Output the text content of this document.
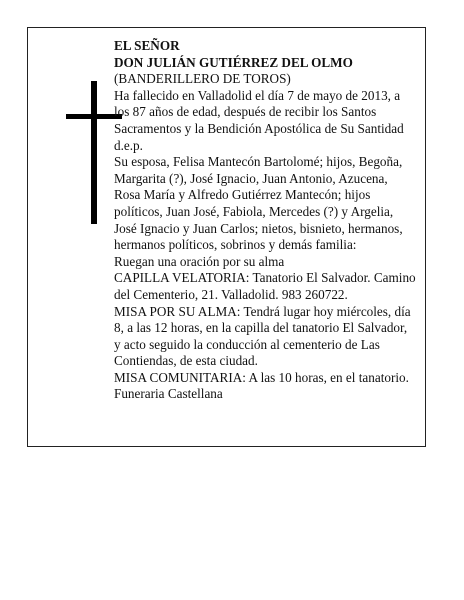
EL SEÑOR

DON JULIÁN GUTIÉRREZ DEL OLMO

(BANDERILLERO DE TOROS)

Ha fallecido en Valladolid el día 7 de mayo de 2013, a los 87 años de edad, después de recibir los Santos Sacramentos y la Bendición Apostólica de Su Santidad

d.e.p.

Su esposa, Felisa Mantecón Bartolomé; hijos, Begoña, Margarita (?), José Ignacio, Juan Antonio, Azucena, Rosa María y Alfredo Gutiérrez Mantecón; hijos políticos, Juan José, Fabiola, Mercedes (?) y Argelia, José Ignacio y Juan Carlos; nietos, bisnieto, hermanos, hermanos políticos, sobrinos y demás familia:

Ruegan una oración por su alma

CAPILLA VELATORIA: Tanatorio El Salvador. Camino del Cementerio, 21. Valladolid. 983 260722.

MISA POR SU ALMA: Tendrá lugar hoy miércoles, día 8, a las 12 horas, en la capilla del tanatorio El Salvador, y acto seguido la conducción al cementerio de Las Contiendas, de esta ciudad.

MISA COMUNITARIA: A las 10 horas, en el tanatorio.

Funeraria Castellana
